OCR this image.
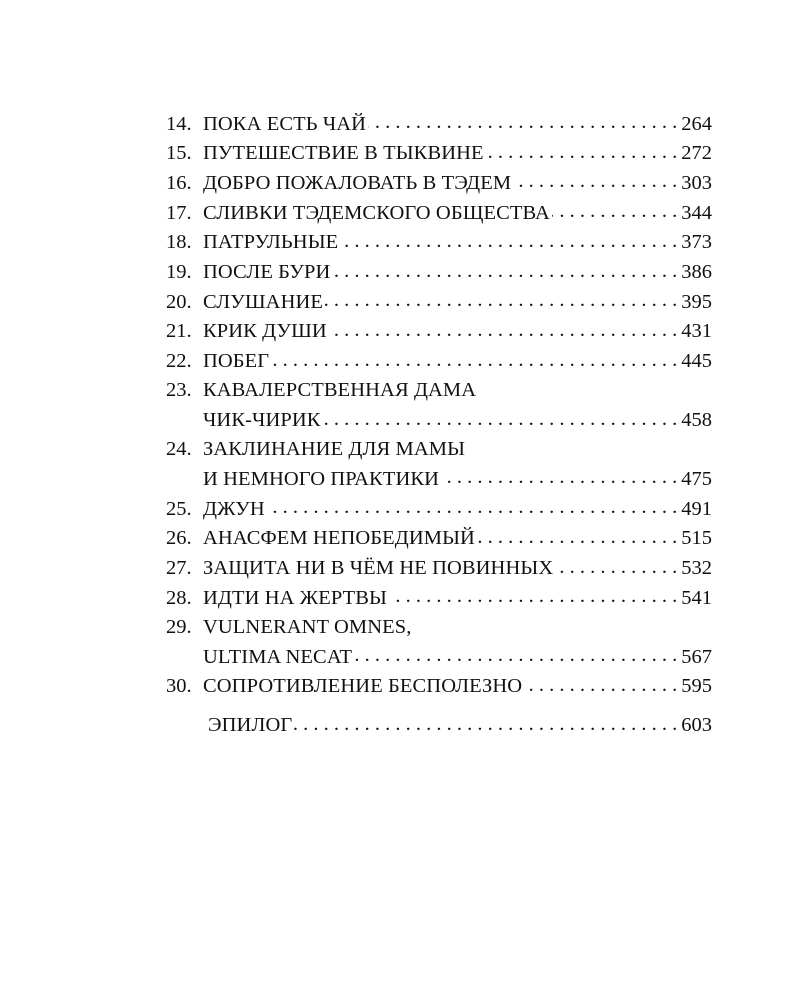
14. ПОКА ЕСТЬ ЧАЙ . . .	264
15. ПУТЕШЕСТВИЕ В ТЫКВИНЕ . . .	272
16. ДОБРО ПОЖАЛОВАТЬ В ТЭДЕМ . . .	303
17. СЛИВКИ ТЭДЕМСКОГО ОБЩЕСТВА . . .	344
18. ПАТРУЛЬНЫЕ . . .	373
19. ПОСЛЕ БУРИ . . .	386
20. СЛУШАНИЕ . . .	395
21. КРИК ДУШИ . . .	431
22. ПОБЕГ . . .	445
23. КАВАЛЕРСТВЕННАЯ ДАМА
ЧИК-ЧИРИК . . .	458
24. ЗАКЛИНАНИЕ ДЛЯ МАМЫ
И НЕМНОГО ПРАКТИКИ . . .	475
25. ДЖУН . . .	491
26. АНАСФЕМ НЕПОБЕДИМЫЙ . . .	515
27. ЗАЩИТА НИ В ЧЁМ НЕ ПОВИННЫХ . . .	532
28. ИДТИ НА ЖЕРТВЫ . . .	541
29. VULNERANT OMNES,
ULTIMA NECAT . . .	567
30. СОПРОТИВЛЕНИЕ БЕСПОЛЕЗНО . . .	595
ЭПИЛОГ . . .	603
